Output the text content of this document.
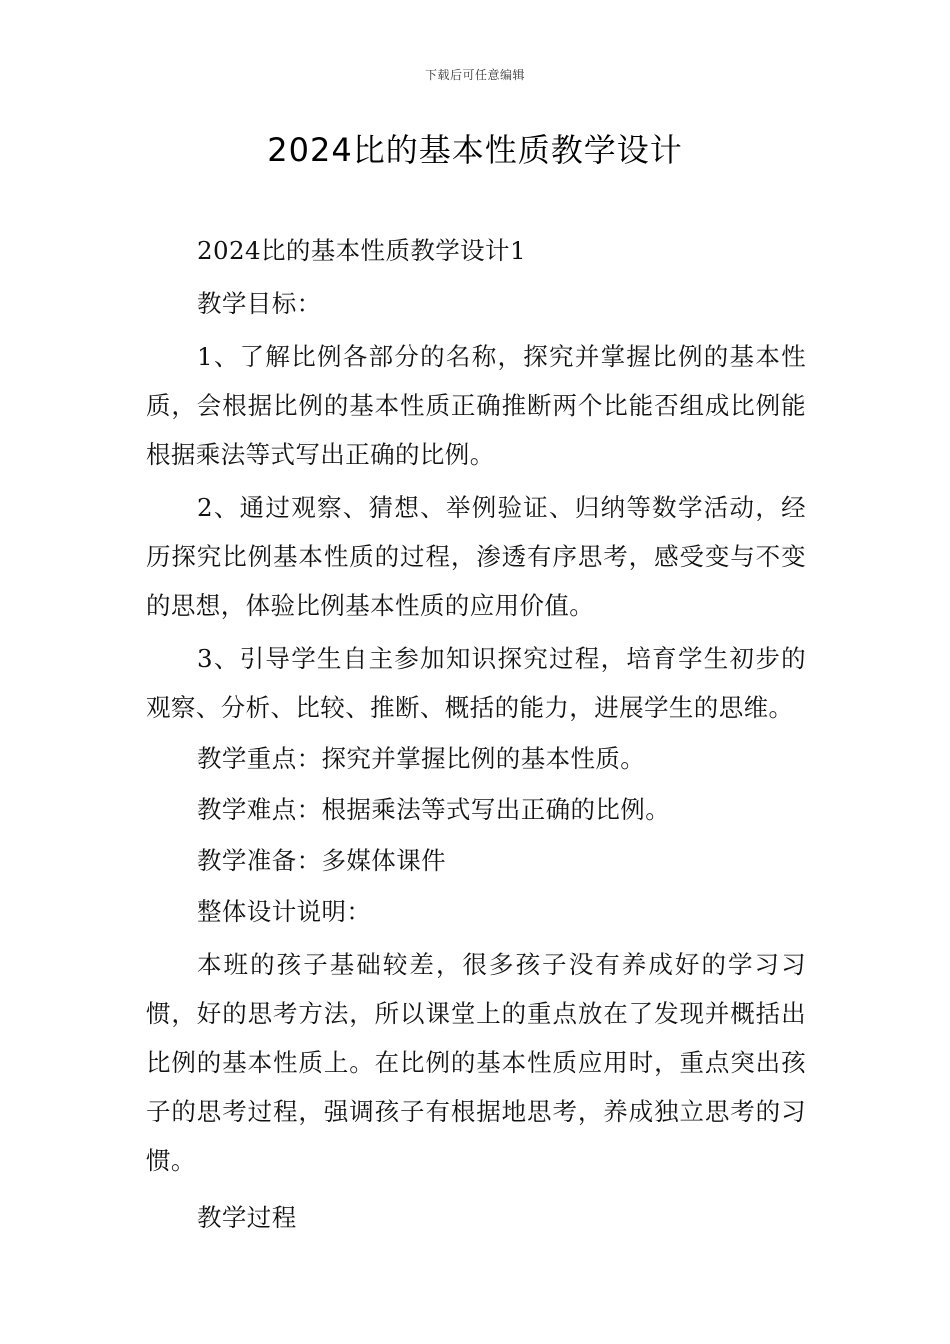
下载后可任意编辑
2024比的基本性质教学设计

2024比的基本性质教学设计1

教学目标：

1、了解比例各部分的名称，探究并掌握比例的基本性质，会根据比例的基本性质正确推断两个比能否组成比例能根据乘法等式写出正确的比例。

2、通过观察、猜想、举例验证、归纳等数学活动，经历探究比例基本性质的过程，渗透有序思考，感受变与不变的思想，体验比例基本性质的应用价值。

3、引导学生自主参加知识探究过程，培育学生初步的观察、分析、比较、推断、概括的能力，进展学生的思维。

教学重点：探究并掌握比例的基本性质。

教学难点：根据乘法等式写出正确的比例。

教学准备：多媒体课件

整体设计说明：

本班的孩子基础较差，很多孩子没有养成好的学习习惯，好的思考方法，所以课堂上的重点放在了发现并概括出比例的基本性质上。在比例的基本性质应用时，重点突出孩子的思考过程，强调孩子有根据地思考，养成独立思考的习惯。

教学过程
